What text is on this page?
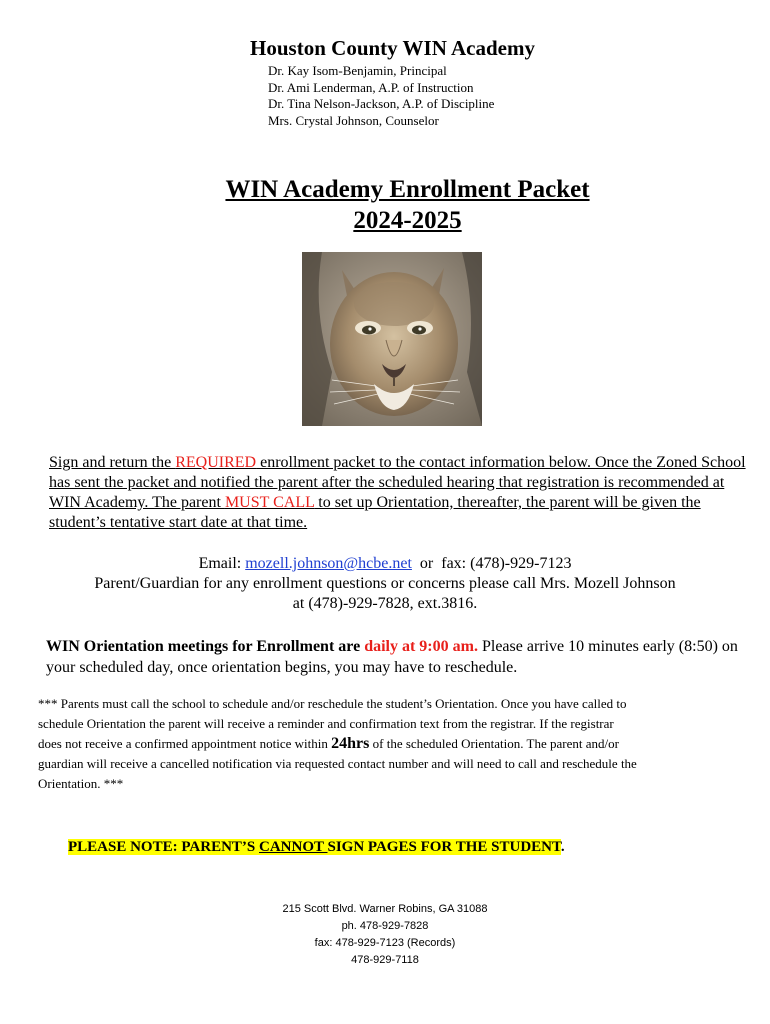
Houston County WIN Academy
Dr. Kay Isom-Benjamin, Principal
Dr. Ami Lenderman, A.P. of Instruction
Dr. Tina Nelson-Jackson, A.P. of Discipline
Mrs. Crystal Johnson, Counselor
WIN Academy Enrollment Packet
2024-2025
Sign and return the REQUIRED enrollment packet to the contact information below. Once the Zoned School has sent the packet and notified the parent after the scheduled hearing that registration is recommended at WIN Academy. The parent MUST CALL to set up Orientation, thereafter, the parent will be given the student’s tentative start date at that time.
Email: mozell.johnson@hcbe.net  or  fax: (478)-929-7123
Parent/Guardian for any enrollment questions or concerns please call Mrs. Mozell Johnson
at (478)-929-7828, ext.3816.
WIN Orientation meetings for Enrollment are daily at 9:00 am. Please arrive 10 minutes early (8:50) on your scheduled day, once orientation begins, you may have to reschedule.
*** Parents must call the school to schedule and/or reschedule the student’s Orientation. Once you have called to schedule Orientation the parent will receive a reminder and confirmation text from the registrar. If the registrar does not receive a confirmed appointment notice within 24hrs of the scheduled Orientation. The parent and/or guardian will receive a cancelled notification via requested contact number and will need to call and reschedule the Orientation. ***
PLEASE NOTE: PARENT’S CANNOT SIGN PAGES FOR THE STUDENT.
215 Scott Blvd. Warner Robins, GA 31088
ph. 478-929-7828
fax: 478-929-7123 (Records)
478-929-7118
